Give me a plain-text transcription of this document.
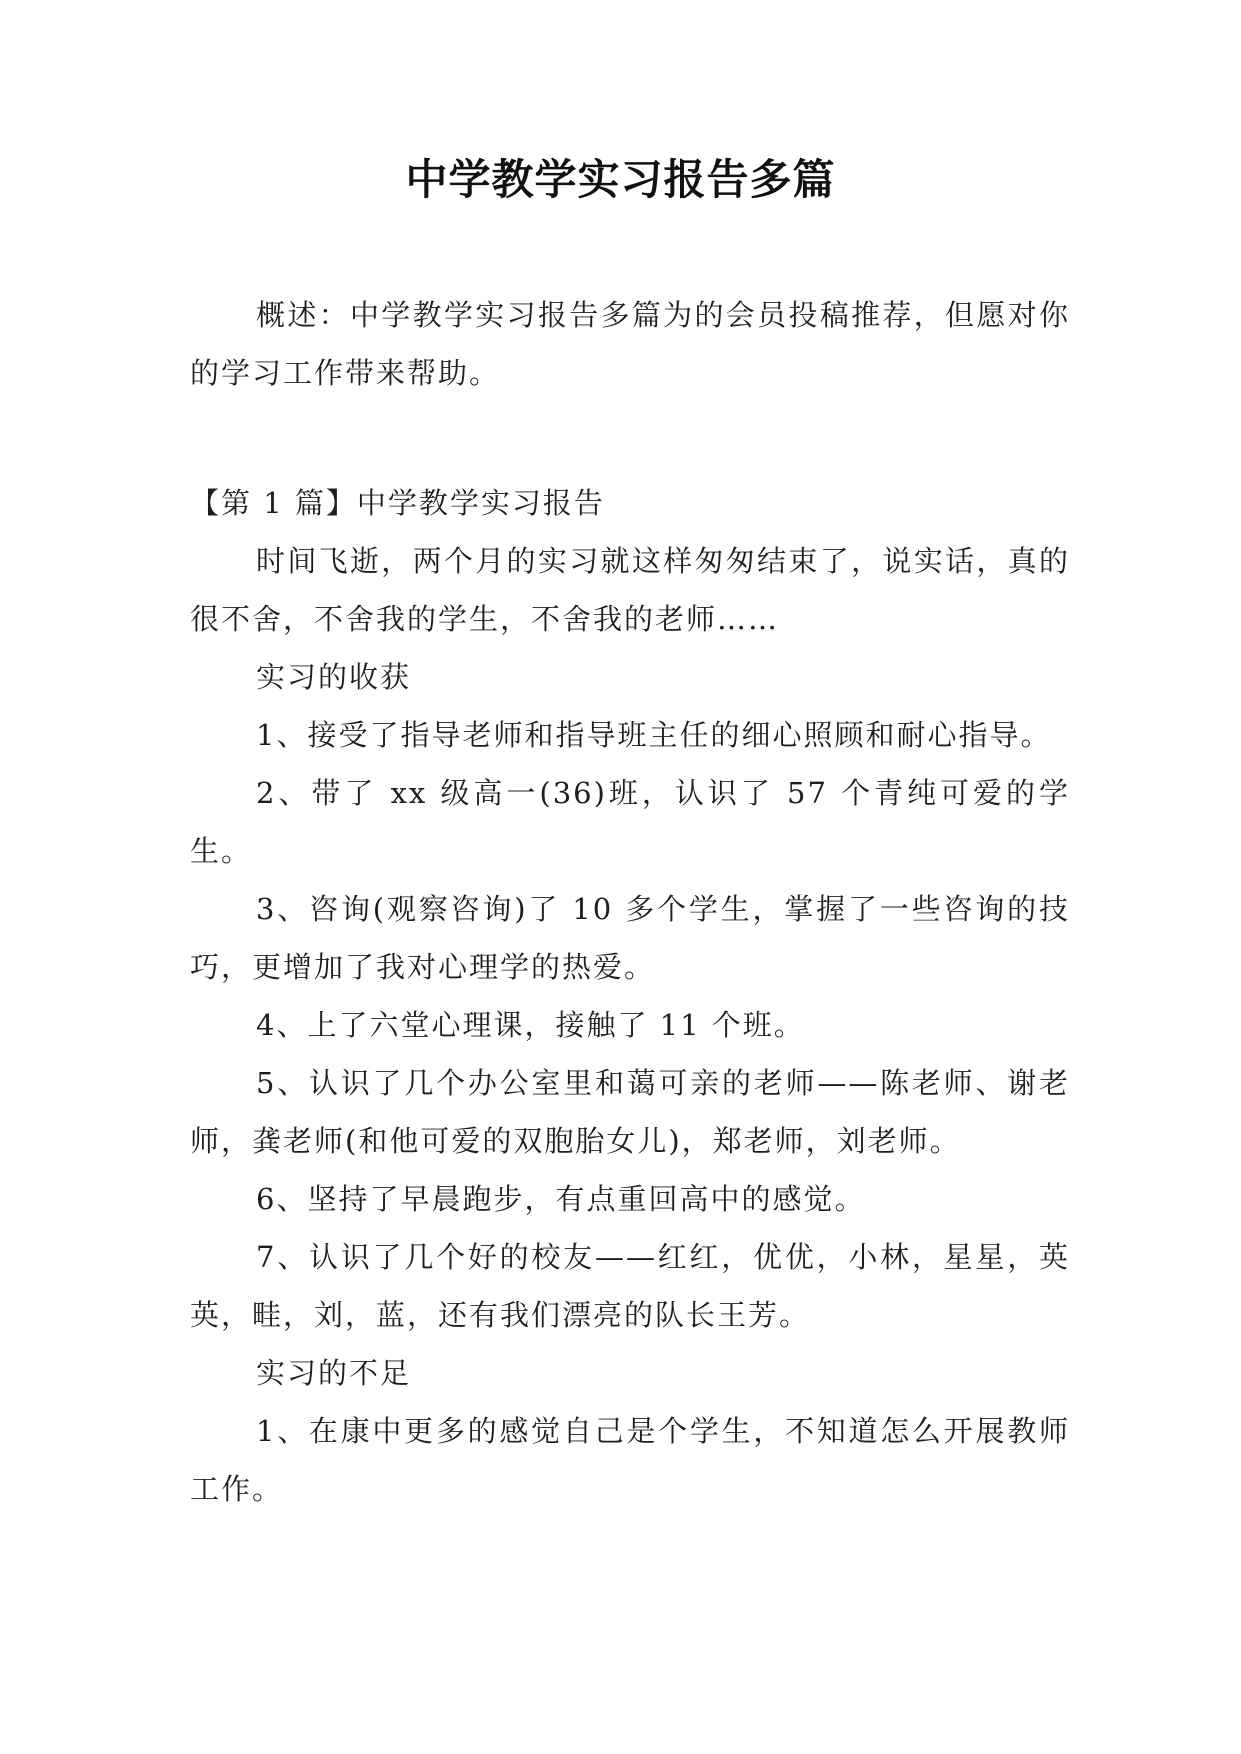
中学教学实习报告多篇

概述：中学教学实习报告多篇为的会员投稿推荐，但愿对你的学习工作带来帮助。

【第 1 篇】中学教学实习报告

时间飞逝，两个月的实习就这样匆匆结束了，说实话，真的很不舍，不舍我的学生，不舍我的老师……

实习的收获

1、接受了指导老师和指导班主任的细心照顾和耐心指导。

2、带了 xx 级高一(36)班，认识了 57 个青纯可爱的学生。

3、咨询(观察咨询)了 10 多个学生，掌握了一些咨询的技巧，更增加了我对心理学的热爱。

4、上了六堂心理课，接触了 11 个班。

5、认识了几个办公室里和蔼可亲的老师——陈老师、谢老师，龚老师(和他可爱的双胞胎女儿)，郑老师，刘老师。

6、坚持了早晨跑步，有点重回高中的感觉。

7、认识了几个好的校友——红红，优优，小林，星星，英英，畦，刘，蓝，还有我们漂亮的队长王芳。

实习的不足

1、在康中更多的感觉自己是个学生，不知道怎么开展教师工作。
